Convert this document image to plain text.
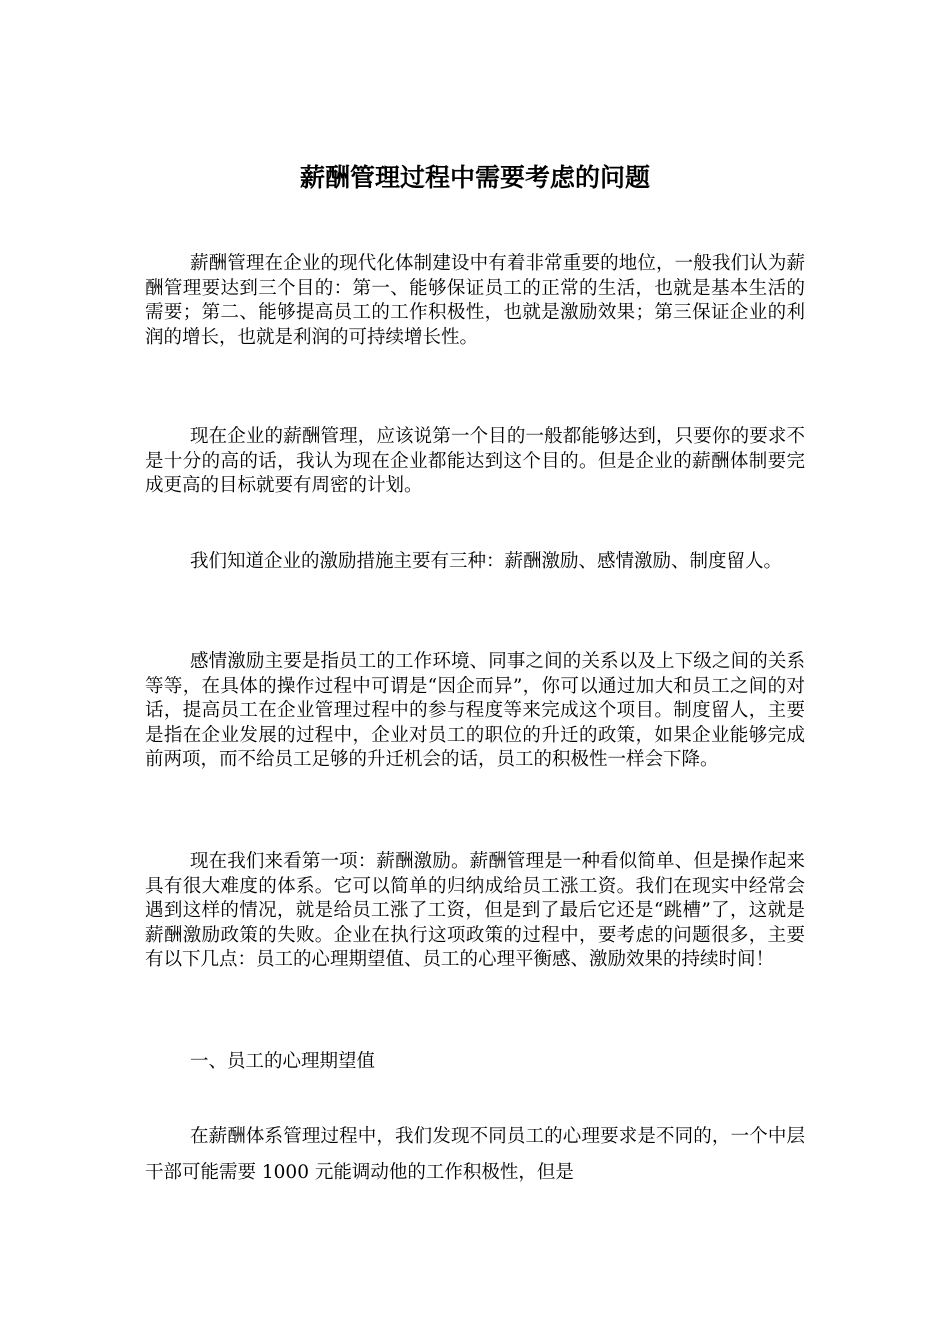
薪酬管理过程中需要考虑的问题

薪酬管理在企业的现代化体制建设中有着非常重要的地位，一般我们认为薪酬管理要达到三个目的：第一、能够保证员工的正常的生活，也就是基本生活的需要；第二、能够提高员工的工作积极性，也就是激励效果；第三保证企业的利润的增长，也就是利润的可持续增长性。

现在企业的薪酬管理，应该说第一个目的一般都能够达到，只要你的要求不是十分的高的话，我认为现在企业都能达到这个目的。但是企业的薪酬体制要完成更高的目标就要有周密的计划。

我们知道企业的激励措施主要有三种：薪酬激励、感情激励、制度留人。

感情激励主要是指员工的工作环境、同事之间的关系以及上下级之间的关系等等，在具体的操作过程中可谓是“因企而异”，你可以通过加大和员工之间的对话，提高员工在企业管理过程中的参与程度等来完成这个项目。制度留人，主要是指在企业发展的过程中，企业对员工的职位的升迁的政策，如果企业能够完成前两项，而不给员工足够的升迁机会的话，员工的积极性一样会下降。

现在我们来看第一项：薪酬激励。薪酬管理是一种看似简单、但是操作起来具有很大难度的体系。它可以简单的归纳成给员工涨工资。我们在现实中经常会遇到这样的情况，就是给员工涨了工资，但是到了最后它还是“跳槽”了，这就是薪酬激励政策的失败。企业在执行这项政策的过程中，要考虑的问题很多，主要有以下几点：员工的心理期望值、员工的心理平衡感、激励效果的持续时间！

一、员工的心理期望值

在薪酬体系管理过程中，我们发现不同员工的心理要求是不同的，一个中层干部可能需要 1000 元能调动他的工作积极性，但是
